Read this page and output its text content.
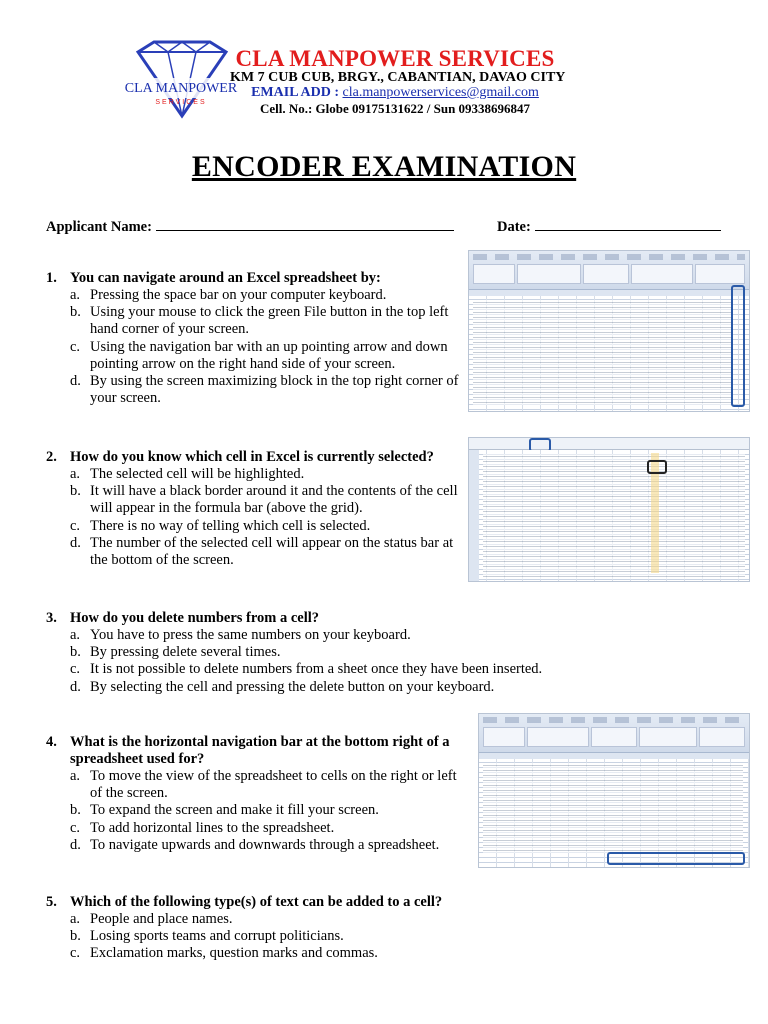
CLA MANPOWER
SERVICES
CLA MANPOWER SERVICES
KM 7 CUB CUB, BRGY., CABANTIAN, DAVAO CITY
EMAIL ADD : cla.manpowerservices@gmail.com
Cell. No.: Globe 09175131622 / Sun 09338696847
ENCODER EXAMINATION
Applicant Name:	Date:
1. You can navigate around an Excel spreadsheet by:
a. Pressing the space bar on your computer keyboard.
b. Using your mouse to click the green File button in the top left hand corner of your screen.
c. Using the navigation bar with an up pointing arrow and down pointing arrow on the right hand side of your screen.
d. By using the screen maximizing block in the top right corner of your screen.
2. How do you know which cell in Excel is currently selected?
a. The selected cell will be highlighted.
b. It will have a black border around it and the contents of the cell will appear in the formula bar (above the grid).
c. There is no way of telling which cell is selected.
d. The number of the selected cell will appear on the status bar at the bottom of the screen.
3. How do you delete numbers from a cell?
a. You have to press the same numbers on your keyboard.
b. By pressing delete several times.
c. It is not possible to delete numbers from a sheet once they have been inserted.
d. By selecting the cell and pressing the delete button on your keyboard.
4. What is the horizontal navigation bar at the bottom right of a spreadsheet used for?
a. To move the view of the spreadsheet to cells on the right or left of the screen.
b. To expand the screen and make it fill your screen.
c. To add horizontal lines to the spreadsheet.
d. To navigate upwards and downwards through a spreadsheet.
5. Which of the following type(s) of text can be added to a cell?
a. People and place names.
b. Losing sports teams and corrupt politicians.
c. Exclamation marks, question marks and commas.
